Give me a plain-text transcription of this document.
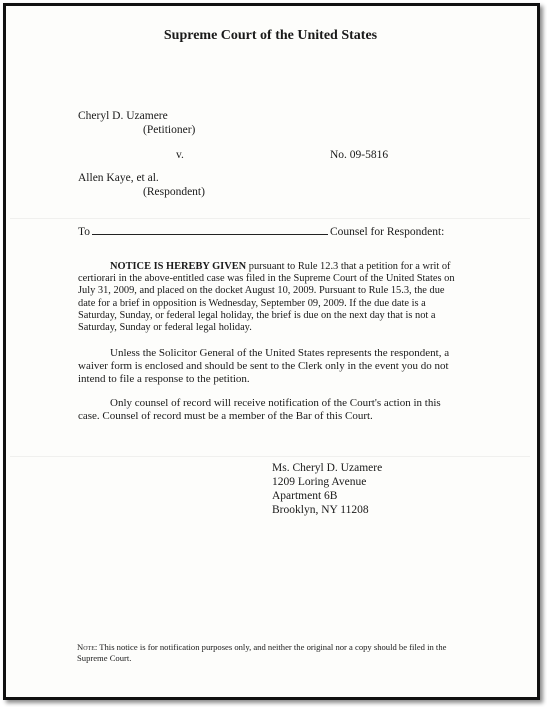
Supreme Court of the United States
Cheryl D. Uzamere
(Petitioner)
v.	No. 09-5816
Allen Kaye, et al.
(Respondent)
To	Counsel for Respondent:
NOTICE IS HEREBY GIVEN pursuant to Rule 12.3 that a petition for a writ of certiorari in the above-entitled case was filed in the Supreme Court of the United States on July 31, 2009, and placed on the docket August 10, 2009. Pursuant to Rule 15.3, the due date for a brief in opposition is Wednesday, September 09, 2009. If the due date is a Saturday, Sunday, or federal legal holiday, the brief is due on the next day that is not a Saturday, Sunday or federal legal holiday.
Unless the Solicitor General of the United States represents the respondent, a waiver form is enclosed and should be sent to the Clerk only in the event you do not intend to file a response to the petition.
Only counsel of record will receive notification of the Court's action in this case. Counsel of record must be a member of the Bar of this Court.
Ms. Cheryl D. Uzamere
1209 Loring Avenue
Apartment 6B
Brooklyn, NY 11208
Note: This notice is for notification purposes only, and neither the original nor a copy should be filed in the Supreme Court.
